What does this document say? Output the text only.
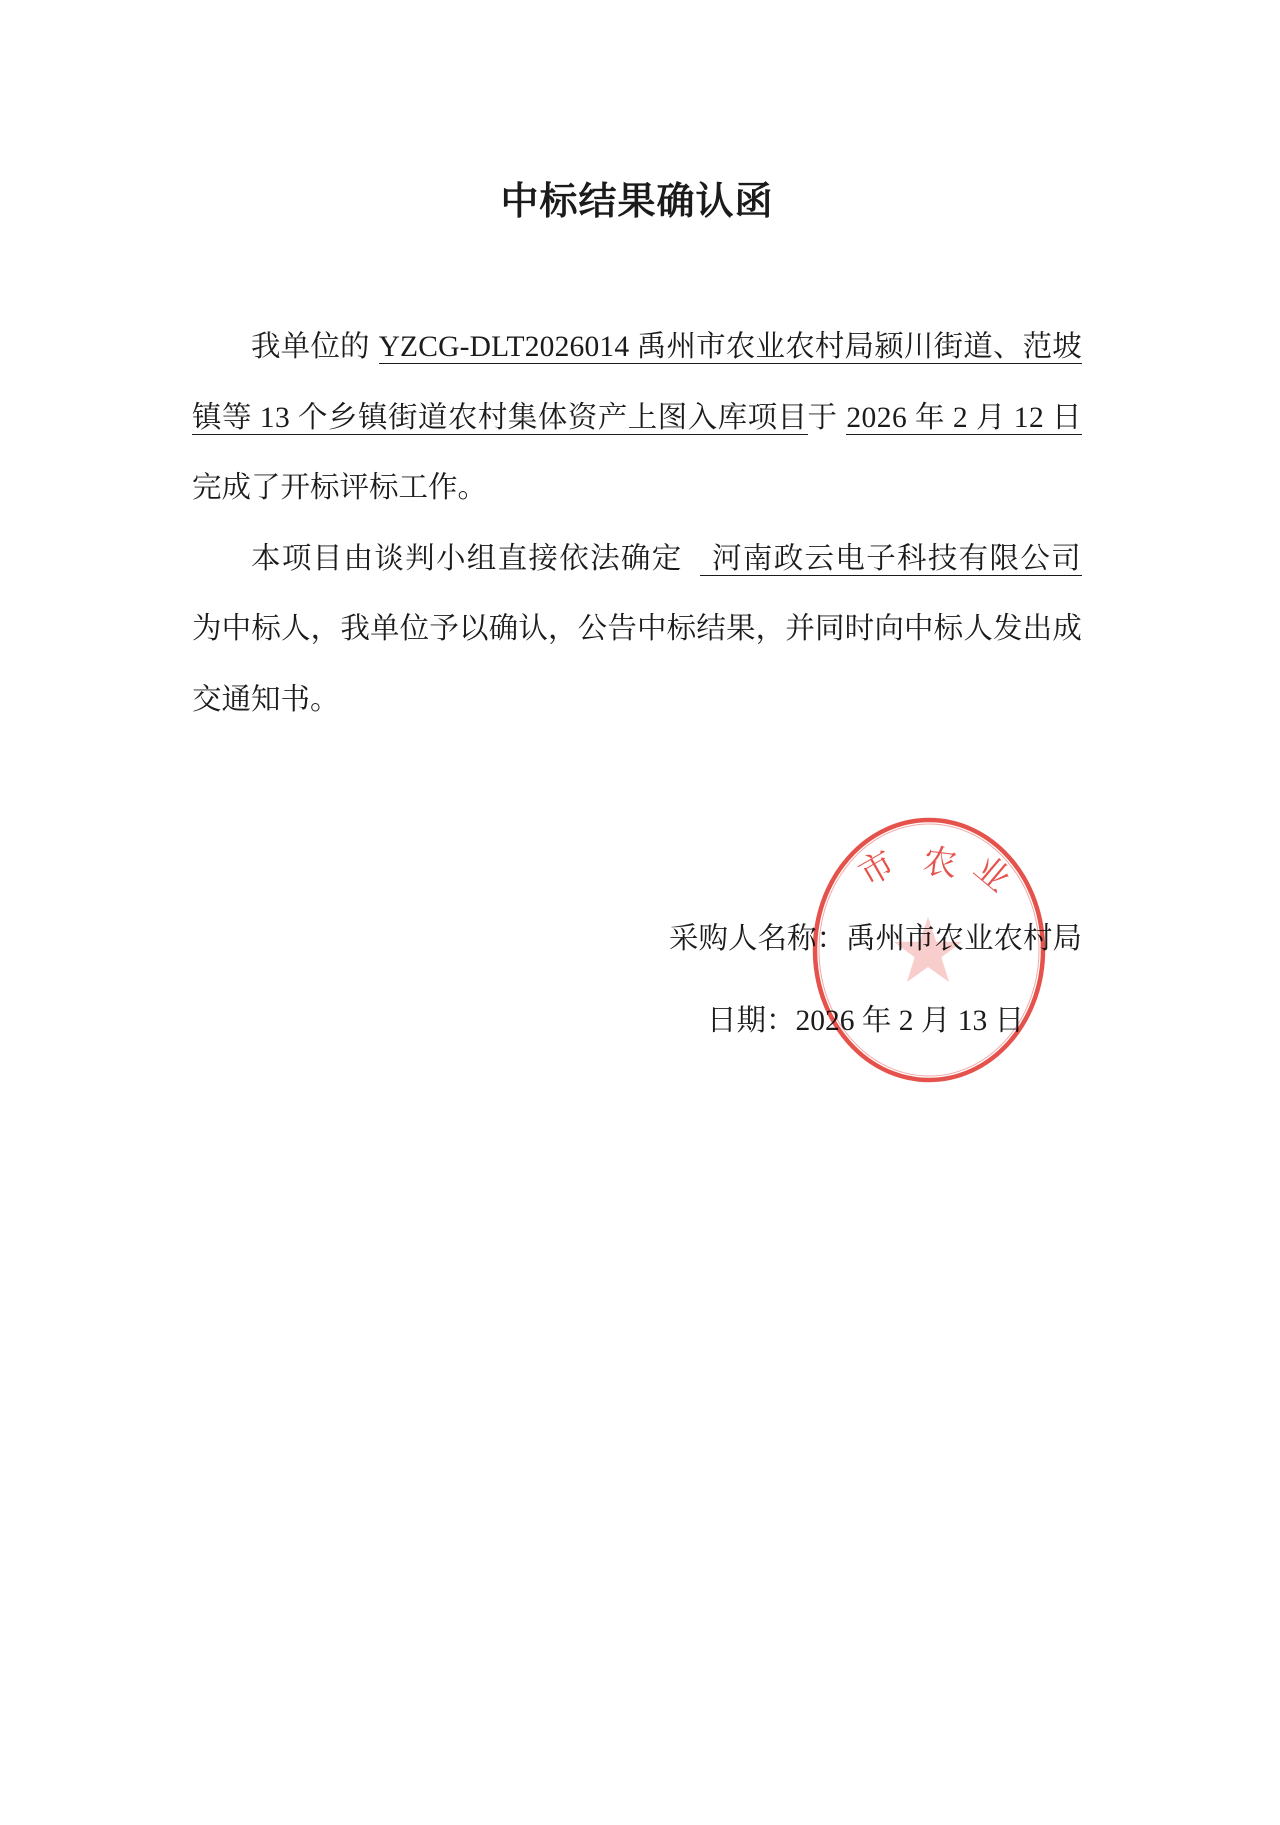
中标结果确认函
我单位的 YZCG-DLT2026014 禹州市农业农村局颍川街道、范坡
镇等 13 个乡镇街道农村集体资产上图入库项目于 2026 年 2 月 12 日
完成了开标评标工作。
本项目由谈判小组直接依法确定 河南政云电子科技有限公司
为中标人，我单位予以确认，公告中标结果，并同时向中标人发出成
交通知书。
采购人名称：禹州市农业农村局
日期：2026 年 2 月 13 日
市 农 业
